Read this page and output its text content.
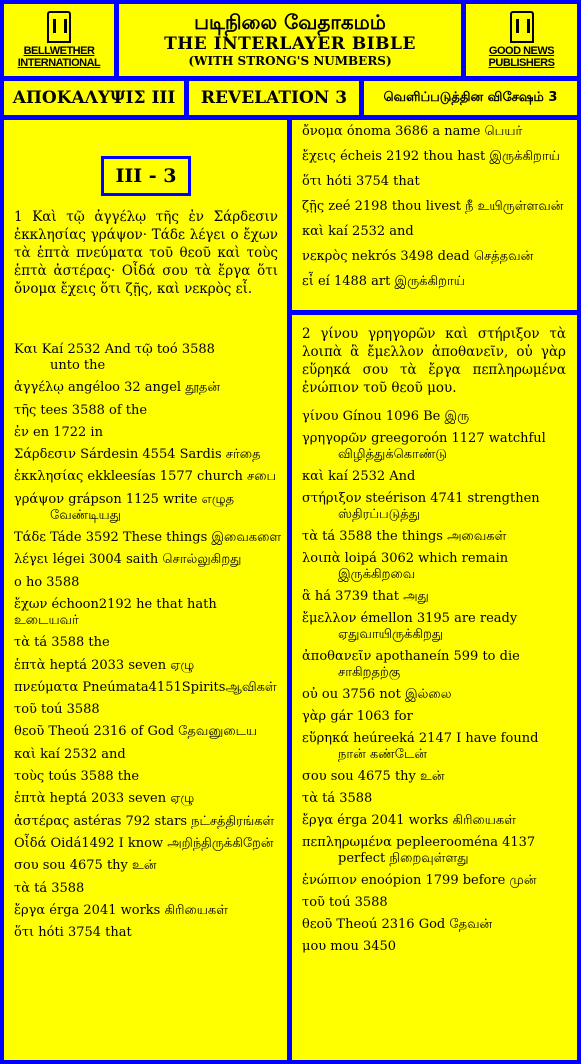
BELLWETHER INTERNATIONAL
படிநிலை வேதாகமம்
THE INTERLAYER BIBLE
(WITH STRONG'S NUMBERS)
GOOD NEWS PUBLISHERS
ΑΠΟΚΑΛΥΨΙΣ III	REVELATION 3	வெளிப்படுத்தின விசேஷம் 3
III - 3
1 Καὶ τῷ ἀγγέλῳ τῆς ἐν Σάρδεσιν ἐκκλησίας γράψον· Τάδε λέγει ο ἔχων τὰ ἑπτὰ πνεύματα τοῦ θεοῦ καὶ τοὺς ἑπτὰ ἀστέρας· Οἶδά σου τὰ ἔργα ὅτι ὄνομα ἔχεις ὅτι ζῇς, καὶ νεκρὸς εἶ.
Και Kaí 2532 And τῷ toó 3588
unto the
ἀγγέλῳ angéloo 32 angel தூதன்
τῆς tees 3588 of the
ἐν en 1722 in
Σάρδεσιν Sárdesin 4554 Sardis சர்தை
ἐκκλησίας ekkleesías 1577 church சபை
γράψον grápson 1125 write எழுத
வேண்டியது
Τάδε Táde 3592 These things இவைகளை
λέγει légei 3004 saith சொல்லுகிறது
ο ho 3588
ἔχων échoon2192 he that hath உடையவர்
τὰ tá 3588 the
ἑπτὰ heptá 2033 seven ஏழு
πνεύματα Pneúmata4151Spiritsஆவிகள்
τοῦ toú 3588
θεοῦ Theoú 2316 of God தேவனுடைய
καὶ kaí 2532 and
τοὺς toús 3588 the
ἑπτὰ heptá 2033 seven ஏழு
ἀστέρας astéras 792 stars நட்சத்திரங்கள்
Οἶδά Oidá1492 I know அறிந்திருக்கிறேன்
σου sou 4675 thy உன்
τὰ tá 3588
ἔργα érga 2041 works கிரியைகள்
ὅτι hóti 3754 that
ὄνομα ónoma 3686 a name பெயர்
ἔχεις écheis 2192 thou hast இருக்கிறாய்
ὅτι hóti 3754 that
ζῇς zeé 2198 thou livest நீ உயிருள்ளவன்
καὶ kaí 2532 and
νεκρὸς nekrós 3498 dead செத்தவன்
εἶ eí 1488 art இருக்கிறாய்
2 γίνου γρηγορῶν καὶ στήριξον τὰ λοιπὰ ἃ ἔμελλον ἀποθανεῖν, οὐ γὰρ εὕρηκά σου τὰ ἔργα πεπληρωμένα ἐνώπιον τοῦ θεοῦ μου.
γίνου Gínou 1096 Be இரு
γρηγορῶν greegoroón 1127 watchful
விழித்துக்கொண்டு
καὶ kaí 2532 And
στήριξον steérison 4741 strengthen
ஸ்திரப்படுத்து
τὰ tá 3588 the things அவைகள்
λοιπὰ loipá 3062 which remain
இருக்கிறவை
ἃ há 3739 that அது
ἔμελλον émellon 3195 are ready
ஏதுவாயிருக்கிறது
ἀποθανεῖν apothaneín 599 to die
சாகிறதற்கு
οὐ ou 3756 not இல்லை
γὰρ gár 1063 for
εὕρηκά heúreeká 2147 I have found
நான் கண்டேன்
σου sou 4675 thy உன்
τὰ tá 3588
ἔργα érga 2041 works கிரியைகள்
πεπληρωμένα pepleerooména 4137
perfect நிறைவுள்ளது
ἐνώπιον enoópion 1799 before முன்
τοῦ toú 3588
θεοῦ Theoú 2316 God தேவன்
μου mou 3450
